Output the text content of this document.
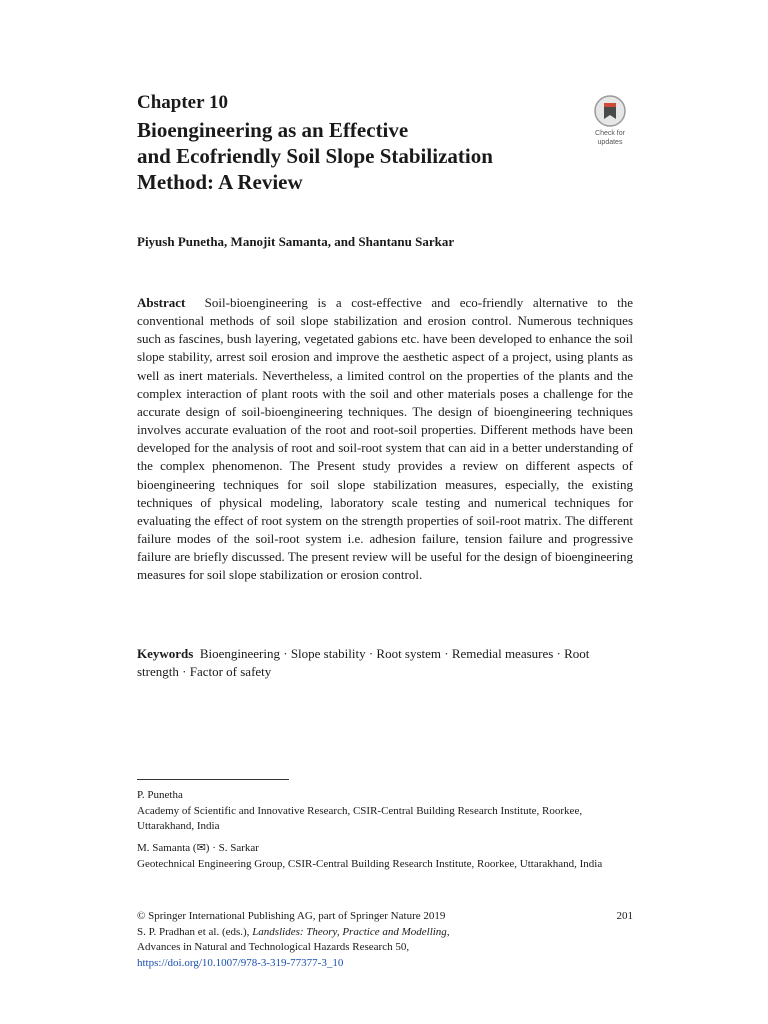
Chapter 10
Bioengineering as an Effective
and Ecofriendly Soil Slope Stabilization
Method: A Review
Check for
updates
Piyush Punetha, Manojit Samanta, and Shantanu Sarkar
Abstract Soil-bioengineering is a cost-effective and eco-friendly alternative to the conventional methods of soil slope stabilization and erosion control. Numerous techniques such as fascines, bush layering, vegetated gabions etc. have been developed to enhance the soil slope stability, arrest soil erosion and improve the aesthetic aspect of a project, using plants as well as inert materials. Nevertheless, a limited control on the properties of the plants and the complex interaction of plant roots with the soil and other materials poses a challenge for the accurate design of soil-bioengineering techniques. The design of bioengineering techniques involves accurate evaluation of the root and root-soil properties. Different methods have been developed for the analysis of root and soil-root system that can aid in a better understanding of the complex phenomenon. The Present study provides a review on different aspects of bioengineering techniques for soil slope stabilization measures, especially, the existing techniques of physical modeling, laboratory scale testing and numerical techniques for evaluating the effect of root system on the strength properties of soil-root matrix. The different failure modes of the soil-root system i.e. adhesion failure, tension failure and progressive failure are briefly discussed. The present review will be useful for the design of bioengineering measures for soil slope stabilization or erosion control.
Keywords Bioengineering · Slope stability · Root system · Remedial measures · Root strength · Factor of safety
P. Punetha
Academy of Scientific and Innovative Research, CSIR-Central Building Research Institute, Roorkee, Uttarakhand, India
M. Samanta (✉) · S. Sarkar
Geotechnical Engineering Group, CSIR-Central Building Research Institute, Roorkee, Uttarakhand, India
201
© Springer International Publishing AG, part of Springer Nature 2019
S. P. Pradhan et al. (eds.), Landslides: Theory, Practice and Modelling,
Advances in Natural and Technological Hazards Research 50,
https://doi.org/10.1007/978-3-319-77377-3_10
